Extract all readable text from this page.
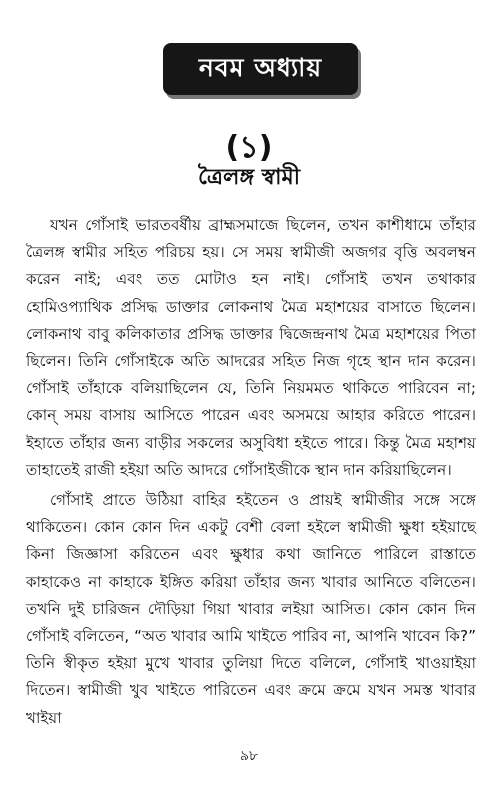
নবম অধ্যায়
(১)
ত্রৈলঙ্গ স্বামী

যখন গোঁসাই ভারতবর্ষীয় ব্রাহ্মসমাজে ছিলেন, তখন কাশীধামে তাঁহার ত্রৈলঙ্গ স্বামীর সহিত পরিচয় হয়। সে সময় স্বামীজী অজগর বৃত্তি অবলম্বন করেন নাই; এবং তত মোটাও হন নাই। গোঁসাই তখন তথাকার হোমিওপ্যাথিক প্রসিদ্ধ ডাক্তার লোকনাথ মৈত্র মহাশয়ের বাসাতে ছিলেন। লোকনাথ বাবু কলিকাতার প্রসিদ্ধ ডাক্তার দ্বিজেন্দ্রনাথ মৈত্র মহাশয়ের পিতা ছিলেন। তিনি গোঁসাইকে অতি আদরের সহিত নিজ গৃহে স্থান দান করেন। গোঁসাই তাঁহাকে বলিয়াছিলেন যে, তিনি নিয়মমত থাকিতে পারিবেন না; কোন্ সময় বাসায় আসিতে পারেন এবং অসময়ে আহার করিতে পারেন। ইহাতে তাঁহার জন্য বাড়ীর সকলের অসুবিধা হইতে পারে। কিন্তু মৈত্র মহাশয় তাহাতেই রাজী হইয়া অতি আদরে গোঁসাইজীকে স্থান দান করিয়াছিলেন।

গোঁসাই প্রাতে উঠিয়া বাহির হইতেন ও প্রায়ই স্বামীজীর সঙ্গে সঙ্গে থাকিতেন। কোন কোন দিন একটু বেশী বেলা হইলে স্বামীজী ক্ষুধা হইয়াছে কিনা জিজ্ঞাসা করিতেন এবং ক্ষুধার কথা জানিতে পারিলে রাস্তাতে কাহাকেও না কাহাকে ইঙ্গিত করিয়া তাঁহার জন্য খাবার আনিতে বলিতেন। তখনি দুই চারিজন দৌড়িয়া গিয়া খাবার লইয়া আসিত। কোন কোন দিন গোঁসাই বলিতেন, “অত খাবার আমি খাইতে পারিব না, আপনি খাবেন কি?” তিনি স্বীকৃত হইয়া মুখে খাবার তুলিয়া দিতে বলিলে, গোঁসাই খাওয়াইয়া দিতেন। স্বামীজী খুব খাইতে পারিতেন এবং ক্রমে ক্রমে যখন সমস্ত খাবার খাইয়া

৯৮
